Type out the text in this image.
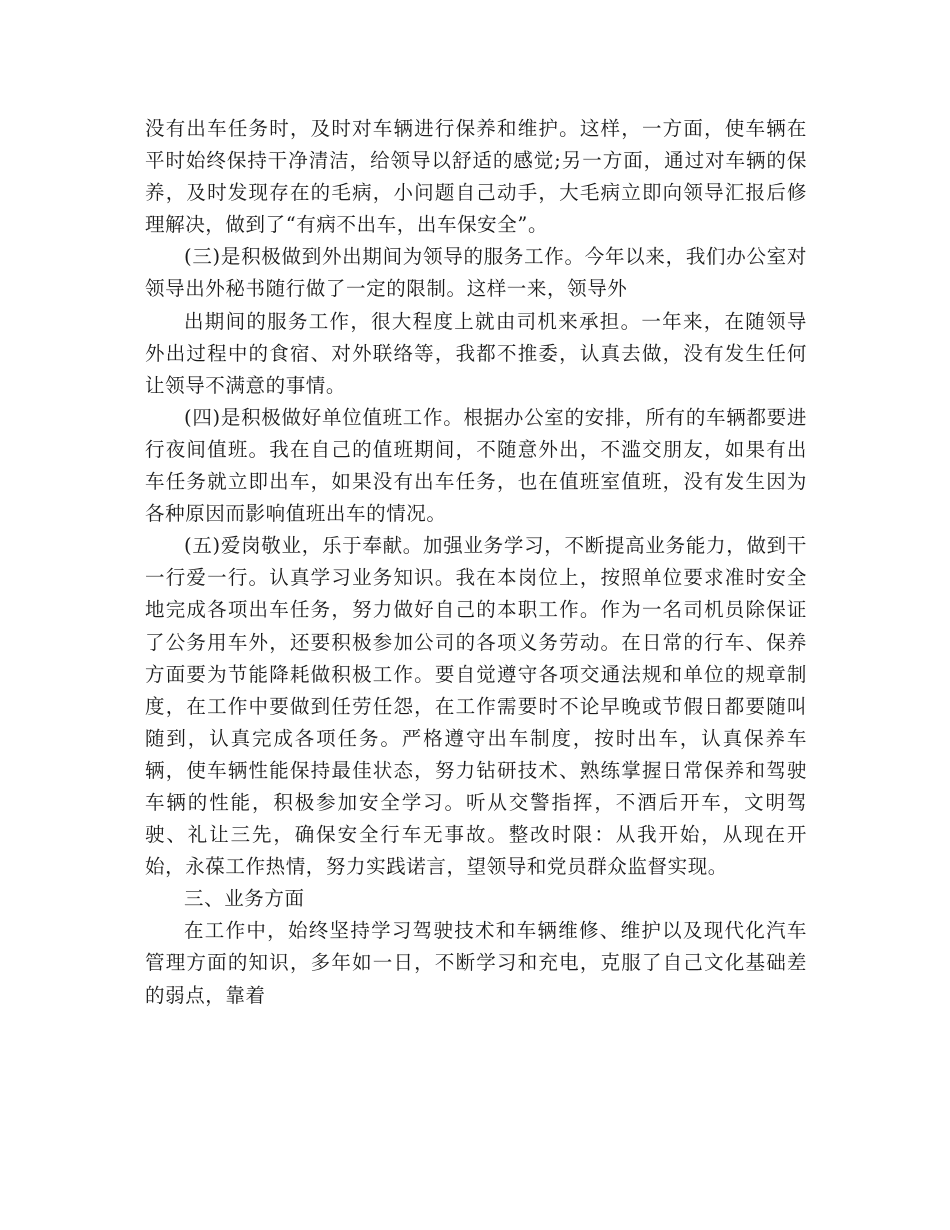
没有出车任务时，及时对车辆进行保养和维护。这样，一方面，使车辆在平时始终保持干净清洁，给领导以舒适的感觉;另一方面，通过对车辆的保养，及时发现存在的毛病，小问题自己动手，大毛病立即向领导汇报后修理解决，做到了“有病不出车，出车保安全”。

(三)是积极做到外出期间为领导的服务工作。今年以来，我们办公室对领导出外秘书随行做了一定的限制。这样一来，领导外

出期间的服务工作，很大程度上就由司机来承担。一年来，在随领导外出过程中的食宿、对外联络等，我都不推委，认真去做，没有发生任何让领导不满意的事情。

(四)是积极做好单位值班工作。根据办公室的安排，所有的车辆都要进行夜间值班。我在自己的值班期间，不随意外出，不滥交朋友，如果有出车任务就立即出车，如果没有出车任务，也在值班室值班，没有发生因为各种原因而影响值班出车的情况。

(五)爱岗敬业，乐于奉献。加强业务学习，不断提高业务能力，做到干一行爱一行。认真学习业务知识。我在本岗位上，按照单位要求准时安全地完成各项出车任务，努力做好自己的本职工作。作为一名司机员除保证了公务用车外，还要积极参加公司的各项义务劳动。在日常的行车、保养方面要为节能降耗做积极工作。要自觉遵守各项交通法规和单位的规章制度，在工作中要做到任劳任怨，在工作需要时不论早晚或节假日都要随叫随到，认真完成各项任务。严格遵守出车制度，按时出车，认真保养车辆，使车辆性能保持最佳状态，努力钻研技术、熟练掌握日常保养和驾驶车辆的性能，积极参加安全学习。听从交警指挥，不酒后开车，文明驾驶、礼让三先，确保安全行车无事故。整改时限：从我开始，从现在开始，永葆工作热情，努力实践诺言，望领导和党员群众监督实现。

三、业务方面

在工作中，始终坚持学习驾驶技术和车辆维修、维护以及现代化汽车管理方面的知识，多年如一日，不断学习和充电，克服了自己文化基础差的弱点，靠着
